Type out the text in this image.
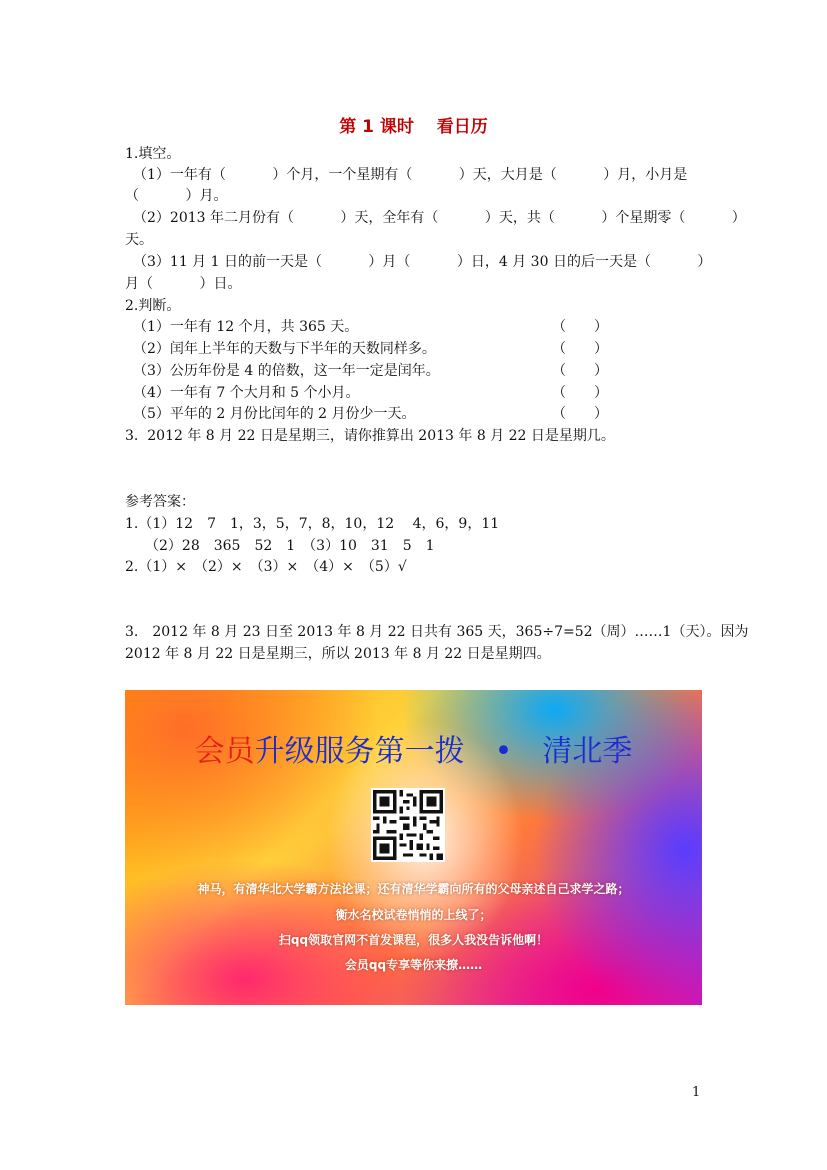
第 1 课时　 看日历
1.填空。
（1）一年有（　　　 ）个月，一个星期有（　　　 ）天，大月是（　　　 ）月，小月是
（　　　 ）月。
（2）2013 年二月份有（　　　 ）天，全年有（　　　 ）天，共（　　　 ）个星期零（　　　 ）
天。
（3）11 月 1 日的前一天是（　　　 ）月（　　　 ）日，4 月 30 日的后一天是（　　　 ）
月（　　　 ）日。
2.判断。
（1）一年有 12 个月，共 365 天。	（　　）
（2）闰年上半年的天数与下半年的天数同样多。	（　　）
（3）公历年份是 4 的倍数，这一年一定是闰年。	（　　）
（4）一年有 7 个大月和 5 个小月。	（　　）
（5）平年的 2 月份比闰年的 2 月份少一天。	（　　）
3.  2012 年 8 月 22 日是星期三，请你推算出 2013 年 8 月 22 日是星期几。
参考答案：
1.（1）12　7　1，3，5，7，8，10，12　 4，6，9，11
（2）28　365　52　1　（3）10　31　5　1
2.（1）×　（2）×　（3）×　（4）×　（5）√
3.　2012 年 8 月 23 日至 2013 年 8 月 22 日共有 365 天，365÷7=52（周）……1（天）。因为
2012 年 8 月 22 日是星期三，所以 2013 年 8 月 22 日是星期四。
会员升级服务第一拨　•　清北季
神马，有清华北大学霸方法论课；还有清华学霸向所有的父母亲述自己求学之路；
衡水名校试卷悄悄的上线了；
扫qq领取官网不首发课程，很多人我没告诉他啊！
会员qq专享等你来撩……
1
